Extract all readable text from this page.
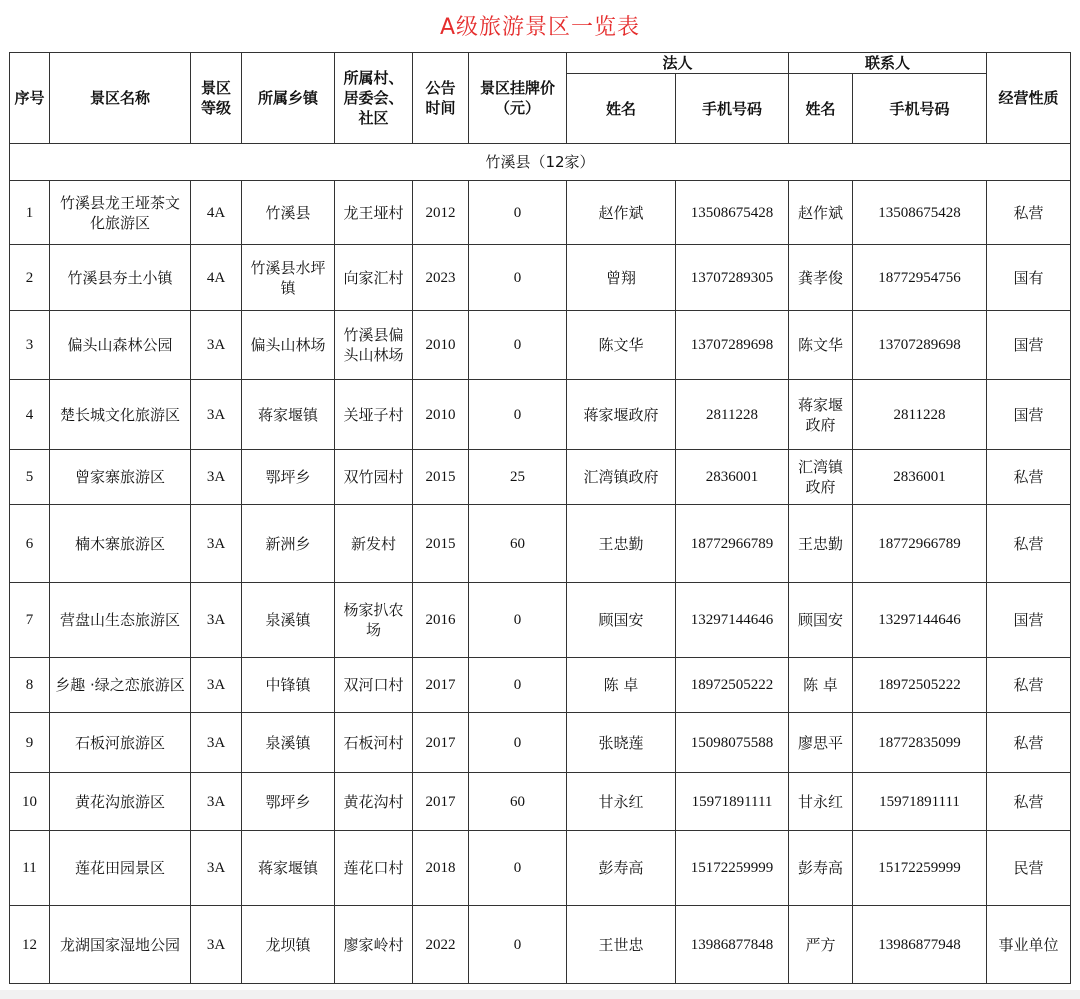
A级旅游景区一览表
序号	景区名称	景区等级	所属乡镇	所属村、居委会、社区	公告 时间	景区挂牌价（元）	法人		联系人		经营性质
							姓名	手机号码	姓名	手机号码	
竹溪县（12家）											
1	竹溪县龙王垭茶文化旅游区	4A	竹溪县	龙王垭村	2012	0	赵作斌	13508675428	赵作斌	13508675428	私营
2	竹溪县夯土小镇	4A	竹溪县水坪镇	向家汇村	2023	0	曾翔	13707289305	龚孝俊	18772954756	国有
3	偏头山森林公园	3A	偏头山林场	竹溪县偏头山林场	2010	0	陈文华	13707289698	陈文华	13707289698	国营
4	楚长城文化旅游区	3A	蒋家堰镇	关垭子村	2010	0	蒋家堰政府	2811228	蒋家堰政府	2811228	国营
5	曾家寨旅游区	3A	鄂坪乡	双竹园村	2015	25	汇湾镇政府	2836001	汇湾镇政府	2836001	私营
6	楠木寨旅游区	3A	新洲乡	新发村	2015	60	王忠勤	18772966789	王忠勤	18772966789	私营
7	营盘山生态旅游区	3A	泉溪镇	杨家扒农场	2016	0	顾国安	13297144646	顾国安	13297144646	国营
8	乡趣 ·绿之恋旅游区	3A	中锋镇	双河口村	2017	0	陈 卓	18972505222	陈 卓	18972505222	私营
9	石板河旅游区	3A	泉溪镇	石板河村	2017	0	张晓莲	15098075588	廖思平	18772835099	私营
10	黄花沟旅游区	3A	鄂坪乡	黄花沟村	2017	60	甘永红	15971891111	甘永红	15971891111	私营
11	莲花田园景区	3A	蒋家堰镇	莲花口村	2018	0	彭寿高	15172259999	彭寿高	15172259999	民营
12	龙湖国家湿地公园	3A	龙坝镇	廖家岭村	2022	0	王世忠	13986877848	严方	13986877948	事业单位
